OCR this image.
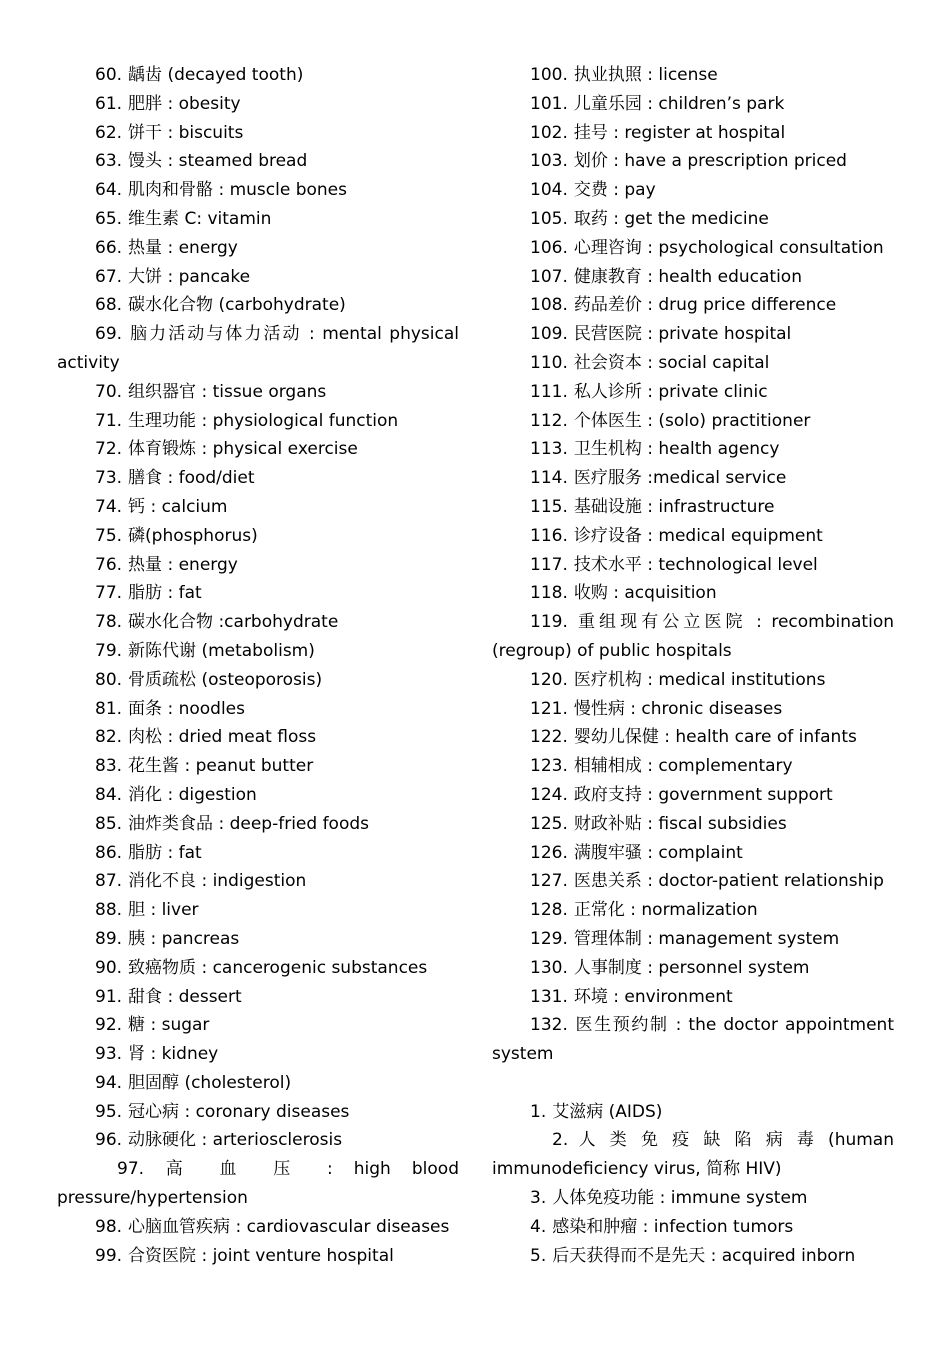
60. 龋齿 (decayed tooth)
61. 肥胖 : obesity
62. 饼干 : biscuits
63. 馒头 : steamed bread
64. 肌肉和骨骼 : muscle bones
65. 维生素 C: vitamin
66. 热量 : energy
67. 大饼 : pancake
68. 碳水化合物 (carbohydrate)
69. 脑力活动与体力活动 : mental physical activity
70. 组织器官 : tissue organs
71. 生理功能 : physiological function
72. 体育锻炼 : physical exercise
73. 膳食 : food/diet
74. 钙 : calcium
75. 磷(phosphorus)
76. 热量 : energy
77. 脂肪 : fat
78. 碳水化合物 :carbohydrate
79. 新陈代谢 (metabolism)
80. 骨质疏松 (osteoporosis)
81. 面条 : noodles
82. 肉松 : dried meat floss
83. 花生酱 : peanut butter
84. 消化 : digestion
85. 油炸类食品 : deep-fried foods
86. 脂肪 : fat
87. 消化不良 : indigestion
88. 胆 : liver
89. 胰 : pancreas
90. 致癌物质 : cancerogenic substances
91. 甜食 : dessert
92. 糖 : sugar
93. 肾 : kidney
94. 胆固醇 (cholesterol)
95. 冠心病 : coronary diseases
96. 动脉硬化 : arteriosclerosis
97. 高 血 压 : high blood pressure/hypertension
98. 心脑血管疾病 : cardiovascular diseases
99. 合资医院 : joint venture hospital
100. 执业执照 : license
101. 儿童乐园 : children’s park
102. 挂号 : register at hospital
103. 划价 : have a prescription priced
104. 交费 : pay
105. 取药 : get the medicine
106. 心理咨询 : psychological consultation
107. 健康教育 : health education
108. 药品差价 : drug price difference
109. 民营医院 : private hospital
110. 社会资本 : social capital
111. 私人诊所 : private clinic
112. 个体医生 : (solo) practitioner
113. 卫生机构 : health agency
114. 医疗服务 :medical service
115. 基础设施 : infrastructure
116. 诊疗设备 : medical equipment
117. 技术水平 : technological level
118. 收购 : acquisition
119. 重组现有公立医院 : recombination (regroup) of public hospitals
120. 医疗机构 : medical institutions
121. 慢性病 : chronic diseases
122. 婴幼儿保健 : health care of infants
123. 相辅相成 : complementary
124. 政府支持 : government support
125. 财政补贴 : fiscal subsidies
126. 满腹牢骚 : complaint
127. 医患关系 : doctor-patient relationship
128. 正常化 : normalization
129. 管理体制 : management system
130. 人事制度 : personnel system
131. 环境 : environment
132. 医生预约制 : the doctor appointment system
1. 艾滋病 (AIDS)
2. 人 类 免 疫 缺 陷 病 毒 (human immunodeficiency virus, 简称 HIV)
3. 人体免疫功能 : immune system
4. 感染和肿瘤 : infection tumors
5. 后天获得而不是先天 : acquired inborn
